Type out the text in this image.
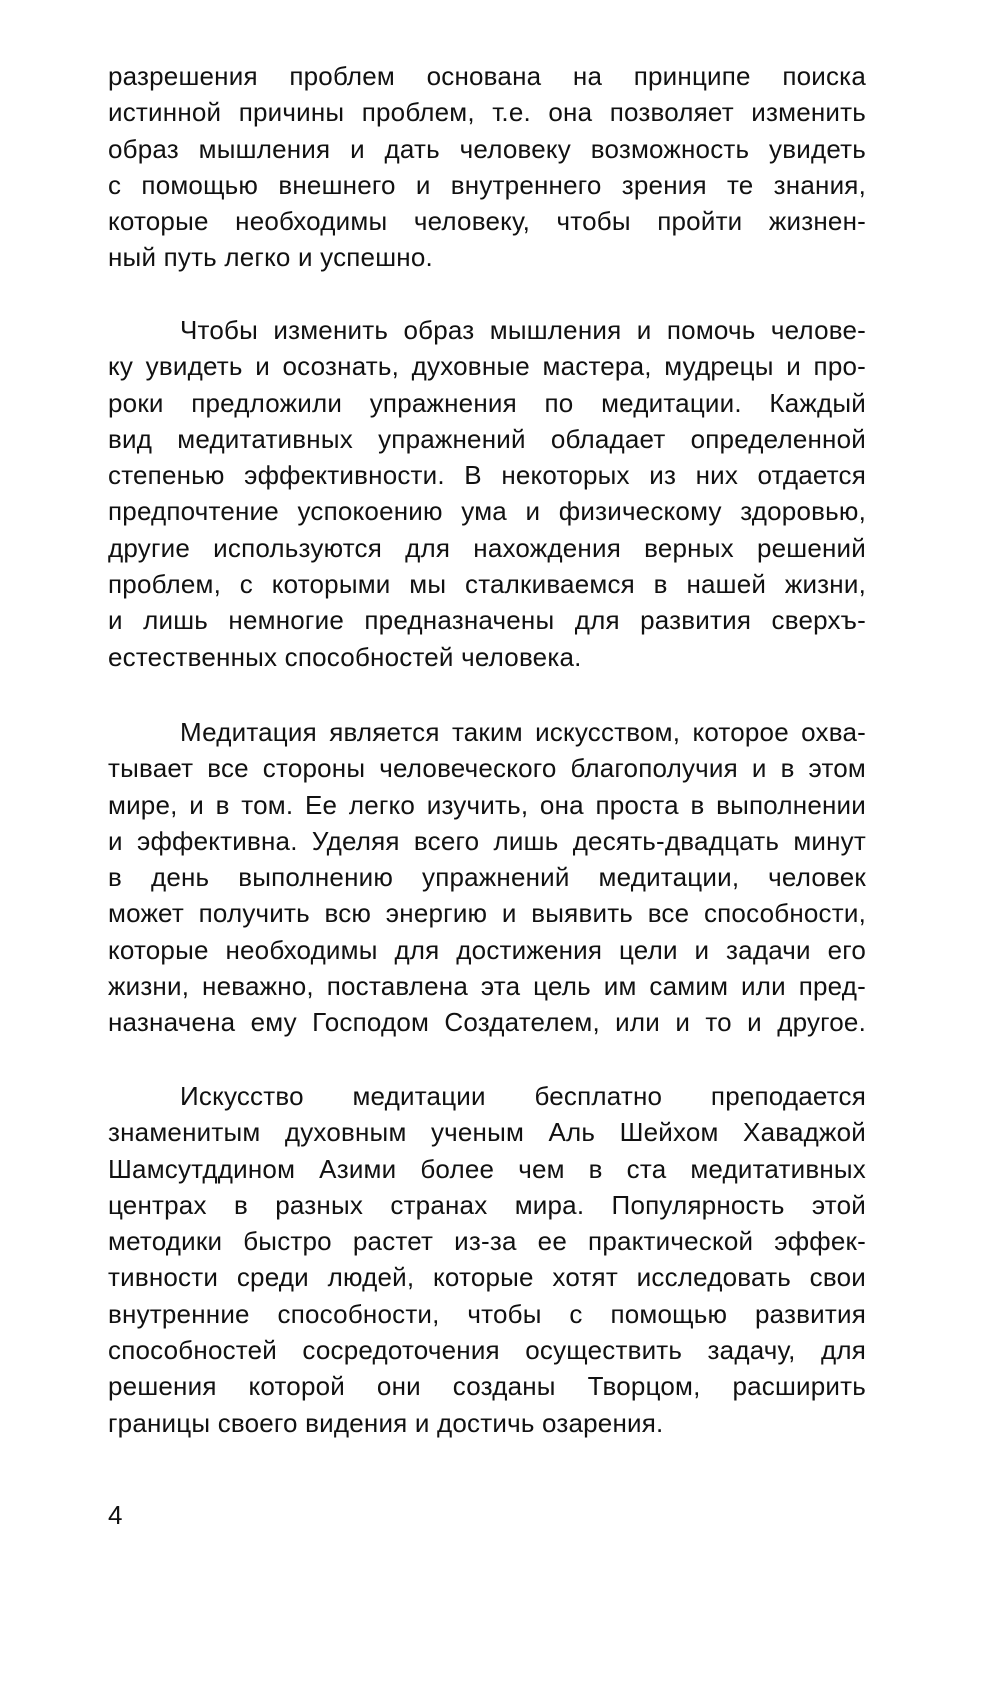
разрешения проблем основана на принципе поиска
истинной причины проблем, т.е. она позволяет изменить
образ мышления и дать человеку возможность увидеть
с помощью внешнего и внутреннего зрения те знания,
которые необходимы человеку, чтобы пройти жизнен-
ный путь легко и успешно.
Чтобы изменить образ мышления и помочь челове-
ку увидеть и осознать, духовные мастера, мудрецы и про-
роки предложили упражнения по медитации. Каждый
вид медитативных упражнений обладает определенной
степенью эффективности. В некоторых из них отдается
предпочтение успокоению ума и физическому здоровью,
другие используются для нахождения верных решений
проблем, с которыми мы сталкиваемся в нашей жизни,
и лишь немногие предназначены для развития сверхъ-
естественных способностей человека.
Медитация является таким искусством, которое охва-
тывает все стороны человеческого благополучия и в этом
мире, и в том. Ее легко изучить, она проста в выполнении
и эффективна. Уделяя всего лишь десять-двадцать минут
в день выполнению упражнений медитации, человек
может получить всю энергию и выявить все способности,
которые необходимы для достижения цели и задачи его
жизни, неважно, поставлена эта цель им самим или пред-
назначена ему Господом Создателем, или и то и другое.
Искусство медитации бесплатно преподается
знаменитым духовным ученым Аль Шейхом Хаваджой
Шамсутддином Азими более чем в ста медитативных
центрах в разных странах мира. Популярность этой
методики быстро растет из-за ее практической эффек-
тивности среди людей, которые хотят исследовать свои
внутренние способности, чтобы с помощью развития
способностей сосредоточения осуществить задачу, для
решения которой они созданы Творцом, расширить
границы своего видения и достичь озарения.
4
